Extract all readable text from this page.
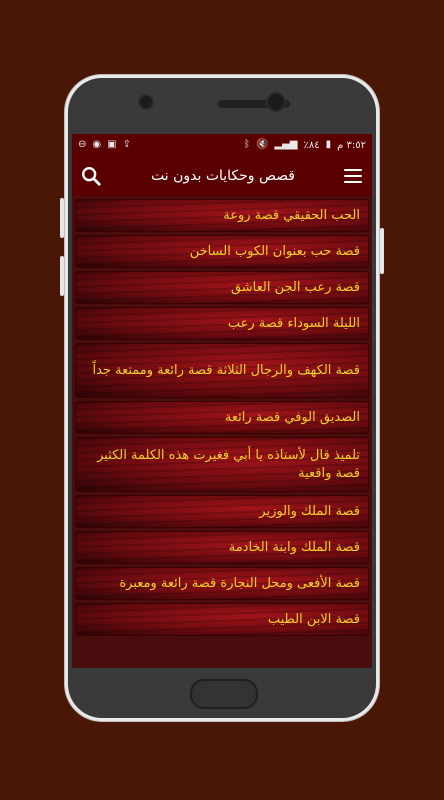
⊖ ◉ ▣ ⇪	ᛒ 🔇 ▂▄▆ ٪٨٤ ▮ ٣:٥٢ م
قصص وحكايات بدون نت
الحب الحقيقي قصة روعة
قصة حب بعنوان الكوب الساخن
قصة رعب الجن العاشق
الليلة السوداء قصة رعب
قصة الكهف والرجال الثلاثة قصة رائعة وممتعة جداً
الصديق الوفي قصة رائعة
تلميذ قال لأستاذه يا أبي فغيرت هذه الكلمة الكثير قصة واقعية
قصة الملك والوزير
قصة الملك وابنة الخادمة
قصة الأفعى ومحل النجارة قصة رائعة ومعبرة
قصة الابن الطيب
